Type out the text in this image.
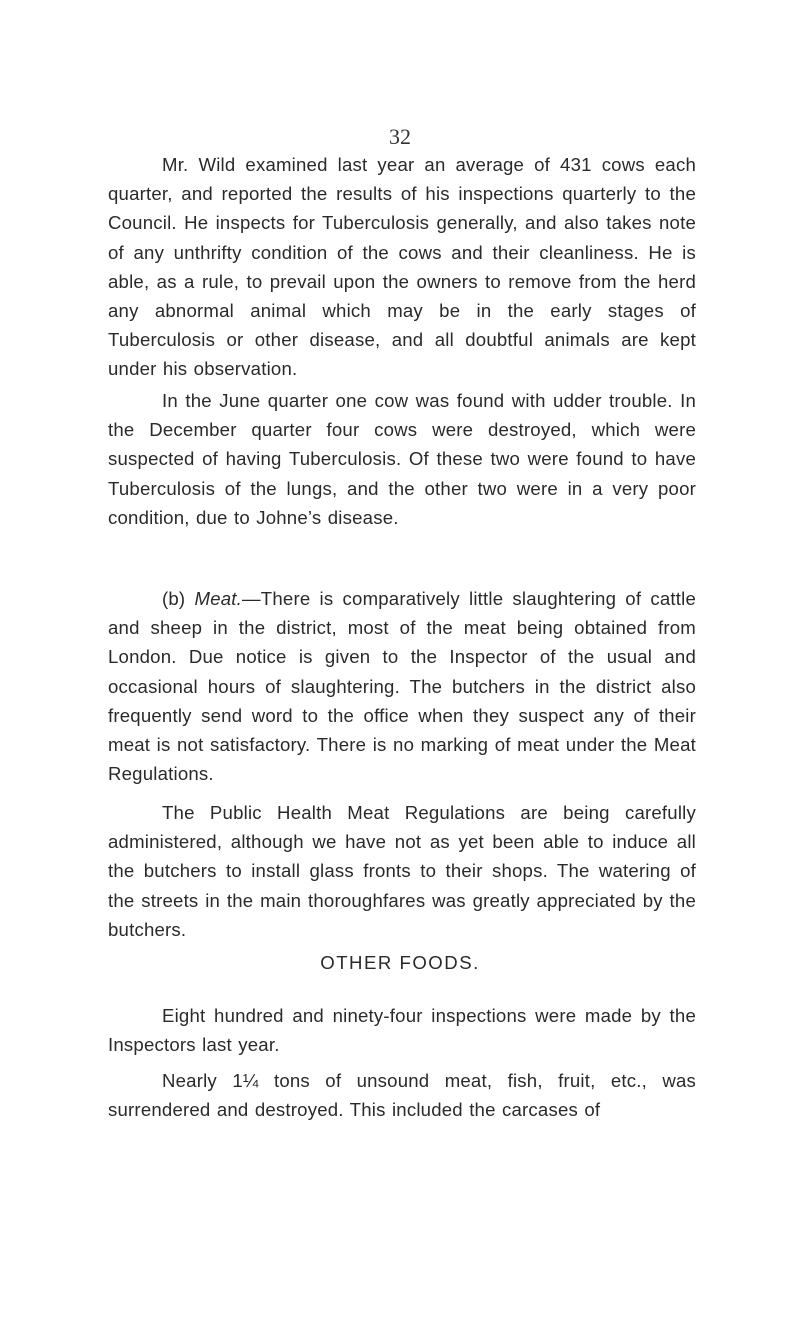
32

Mr. Wild examined last year an average of 431 cows each quarter, and reported the results of his inspections quarterly to the Council. He inspects for Tuberculosis generally, and also takes note of any unthrifty condition of the cows and their cleanliness. He is able, as a rule, to prevail upon the owners to remove from the herd any abnormal animal which may be in the early stages of Tuberculosis or other disease, and all doubtful animals are kept under his observation.

In the June quarter one cow was found with udder trouble. In the December quarter four cows were destroyed, which were suspected of having Tuberculosis. Of these two were found to have Tuberculosis of the lungs, and the other two were in a very poor condition, due to Johne’s disease.

(b) Meat.—There is comparatively little slaughtering of cattle and sheep in the district, most of the meat being obtained from London. Due notice is given to the Inspector of the usual and occasional hours of slaughtering. The butchers in the district also frequently send word to the office when they suspect any of their meat is not satisfactory. There is no marking of meat under the Meat Regulations.

The Public Health Meat Regulations are being carefully administered, although we have not as yet been able to induce all the butchers to install glass fronts to their shops. The watering of the streets in the main thoroughfares was greatly appreciated by the butchers.

OTHER FOODS.

Eight hundred and ninety-four inspections were made by the Inspectors last year.

Nearly 1¼ tons of unsound meat, fish, fruit, etc., was surrendered and destroyed. This included the carcases of
